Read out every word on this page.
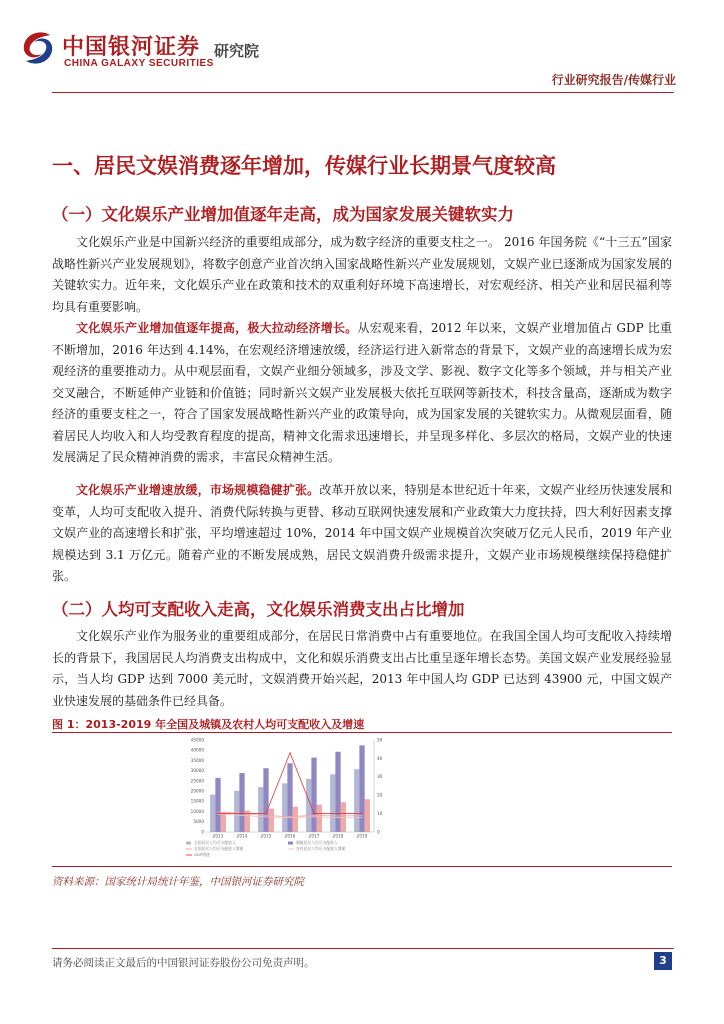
中国银河证券
CHINA GALAXY SECURITIES
研究院
行业研究报告/传媒行业
一、居民文娱消费逐年增加，传媒行业长期景气度较高
（一）文化娱乐产业增加值逐年走高，成为国家发展关键软实力

文化娱乐产业是中国新兴经济的重要组成部分，成为数字经济的重要支柱之一。 2016 年国务院《“十三五”国家战略性新兴产业发展规划》，将数字创意产业首次纳入国家战略性新兴产业发展规划，文娱产业已逐渐成为国家发展的关键软实力。近年来，文化娱乐产业在政策和技术的双重利好环境下高速增长，对宏观经济、相关产业和居民福利等均具有重要影响。

文化娱乐产业增加值逐年提高，极大拉动经济增长。从宏观来看，2012 年以来，文娱产业增加值占 GDP 比重不断增加，2016 年达到 4.14%，在宏观经济增速放缓，经济运行进入新常态的背景下，文娱产业的高速增长成为宏观经济的重要推动力。从中观层面看，文娱产业细分领域多，涉及文学、影视、数字文化等多个领域，并与相关产业交叉融合，不断延伸产业链和价值链；同时新兴文娱产业发展极大依托互联网等新技术，科技含量高，逐渐成为数字经济的重要支柱之一，符合了国家发展战略性新兴产业的政策导向，成为国家发展的关键软实力。从微观层面看，随着居民人均收入和人均受教育程度的提高，精神文化需求迅速增长，并呈现多样化、多层次的格局，文娱产业的快速发展满足了民众精神消费的需求，丰富民众精神生活。

文化娱乐产业增速放缓，市场规模稳健扩张。改革开放以来，特别是本世纪近十年来，文娱产业经历快速发展和变革，人均可支配收入提升、消费代际转换与更替、移动互联网快速发展和产业政策大力度扶持，四大利好因素支撑文娱产业的高速增长和扩张，平均增速超过 10%，2014 年中国文娱产业规模首次突破万亿元人民币，2019 年产业规模达到 3.1 万亿元。随着产业的不断发展成熟，居民文娱消费升级需求提升，文娱产业市场规模继续保持稳健扩张。

（二）人均可支配收入走高，文化娱乐消费支出占比增加

文化娱乐产业作为服务业的重要组成部分，在居民日常消费中占有重要地位。在我国全国人均可支配收入持续增长的背景下，我国居民人均消费支出构成中，文化和娱乐消费支出占比重呈逐年增长态势。美国文娱产业发展经验显示，当人均 GDP 达到 7000 美元时，文娱消费开始兴起，2013 年中国人均 GDP 已达到 43900 元，中国文娱产业快速发展的基础条件已经具备。

图 1：2013-2019 年全国及城镇及农村人均可支配收入及增速
0
5000
10000
15000
20000
25000
30000
35000
40000
45000
0
10
20
30
40
50
2013	2014	2015	2016	2017	2018	2019
全国居民人均可支配收入	城镇居民人均可支配收入
全国居民人均可支配收入增速	农村居民人均可支配收入增速
GDP增速
资料来源：国家统计局统计年鉴，中国银河证券研究院
请务必阅读正文最后的中国银河证券股份公司免责声明。	3
